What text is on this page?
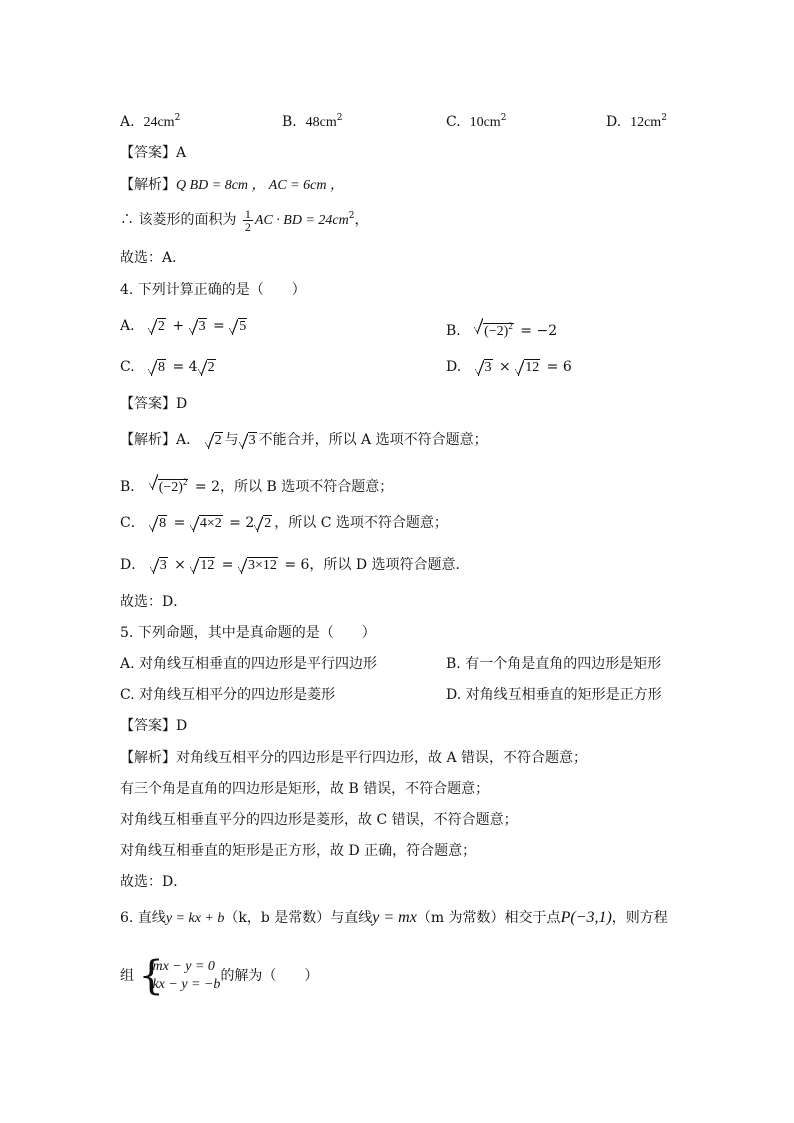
A. $24cm^2$	B. $48cm^2$	C. $10cm^2$	D. $12cm^2$
【答案】A
【解析】Q BD = 8cm ， AC = 6cm ，
∴ 该菱形的面积为 $\frac{1}{2}$ AC · BD = $24cm^2$，
故选：A．
4. 下列计算正确的是（　　）
A. 2 + 3 = 5	B. $(-2)^2 = -2$
C. 8 = 4 2	D. 3 × 12 = 6
【答案】D
【解析】A． 2 与 3 不能合并，所以 A 选项不符合题意；
B． $(-2)^2 = 2$，所以 B 选项不符合题意；
C． 8 = 4×2 = 2 2 ，所以 C 选项不符合题意；
D． 3 × 12 = 3×12 = 6，所以 D 选项符合题意．
故选：D．
5. 下列命题，其中是真命题的是（　　）
A. 对角线互相垂直的四边形是平行四边形	B. 有一个角是直角的四边形是矩形
C. 对角线互相平分的四边形是菱形	D. 对角线互相垂直的矩形是正方形
【答案】D
【解析】对角线互相平分的四边形是平行四边形，故 A 错误，不符合题意；
有三个角是直角的四边形是矩形，故 B 错误，不符合题意；
对角线互相垂直平分的四边形是菱形，故 C 错误，不符合题意；
对角线互相垂直的矩形是正方形，故 D 正确，符合题意；
故选：D．
6. 直线y = kx + b（k，b 是常数）与直线y = mx（m 为常数）相交于点P(−3,1)，则方程
组 {
mx − y = 0
kx − y = −b
的解为（　　）
